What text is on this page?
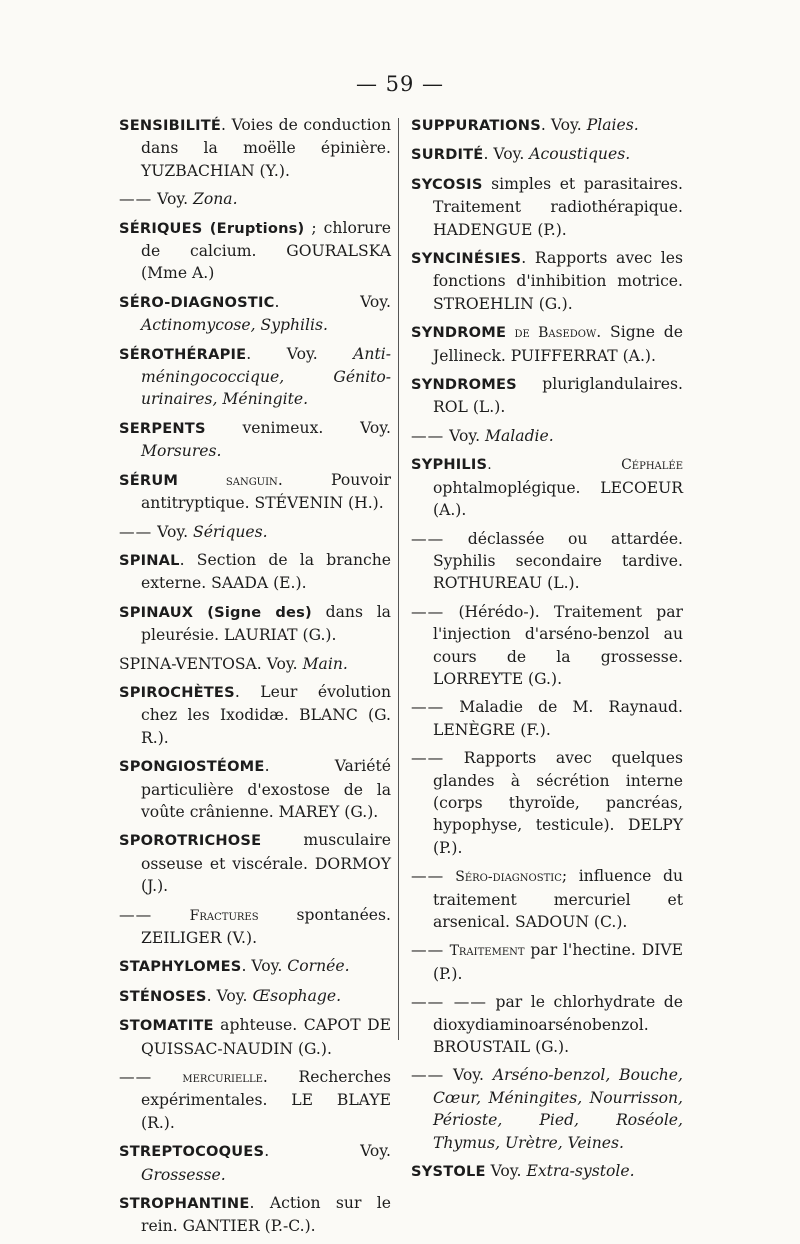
— 59 —

SENSIBILITÉ. Voies de conduction dans la moëlle épinière. YUZBACHIAN (Y.).

—— Voy. Zona.

SÉRIQUES (Eruptions) ; chlorure de calcium. GOURALSKA (Mme A.)

SÉRO-DIAGNOSTIC. Voy. Actinomycose, Syphilis.

SÉROTHÉRAPIE. Voy. Anti-méningococcique, Génito-urinaires, Méningite.

SERPENTS venimeux. Voy. Morsures.

SÉRUM sanguin. Pouvoir antitryptique. STÉVENIN (H.).

—— Voy. Sériques.

SPINAL. Section de la branche externe. SAADA (E.).

SPINAUX (Signe des) dans la pleurésie. LAURIAT (G.).

SPINA-VENTOSA. Voy. Main.

SPIROCHÈTES. Leur évolution chez les Ixodidæ. BLANC (G. R.).

SPONGIOSTÉOME. Variété particulière d'exostose de la voûte crânienne. MAREY (G.).

SPOROTRICHOSE musculaire osseuse et viscérale. DORMOY (J.).

—— Fractures spontanées. ZEILIGER (V.).

STAPHYLOMES. Voy. Cornée.

STÉNOSES. Voy. Œsophage.

STOMATITE aphteuse. CAPOT DE QUISSAC-NAUDIN (G.).

—— mercurielle. Recherches expérimentales. LE BLAYE (R.).

STREPTOCOQUES. Voy. Grossesse.

STROPHANTINE. Action sur le rein. GANTIER (P.-C.).

SUPPURATIONS. Voy. Plaies.

SURDITÉ. Voy. Acoustiques.

SYCOSIS simples et parasitaires. Traitement radiothérapique. HADENGUE (P.).

SYNCINÉSIES. Rapports avec les fonctions d'inhibition motrice. STROEHLIN (G.).

SYNDROME de Basedow. Signe de Jellineck. PUIFFERRAT (A.).

SYNDROMES pluriglandulaires. ROL (L.).

—— Voy. Maladie.

SYPHILIS. Céphalée ophtalmoplégique. LECOEUR (A.).

—— déclassée ou attardée. Syphilis secondaire tardive. ROTHUREAU (L.).

—— (Hérédo-). Traitement par l'injection d'arséno-benzol au cours de la grossesse. LORREYTE (G.).

—— Maladie de M. Raynaud. LENÈGRE (F.).

—— Rapports avec quelques glandes à sécrétion interne (corps thyroïde, pancréas, hypophyse, testicule). DELPY (P.).

—— Séro-diagnostic; influence du traitement mercuriel et arsenical. SADOUN (C.).

—— Traitement par l'hectine. DIVE (P.).

—— —— par le chlorhydrate de dioxydiaminoarsénobenzol. BROUSTAIL (G.).

—— Voy. Arséno-benzol, Bouche, Cœur, Méningites, Nourrisson, Périoste, Pied, Roséole, Thymus, Urètre, Veines.

SYSTOLE Voy. Extra-systole.
